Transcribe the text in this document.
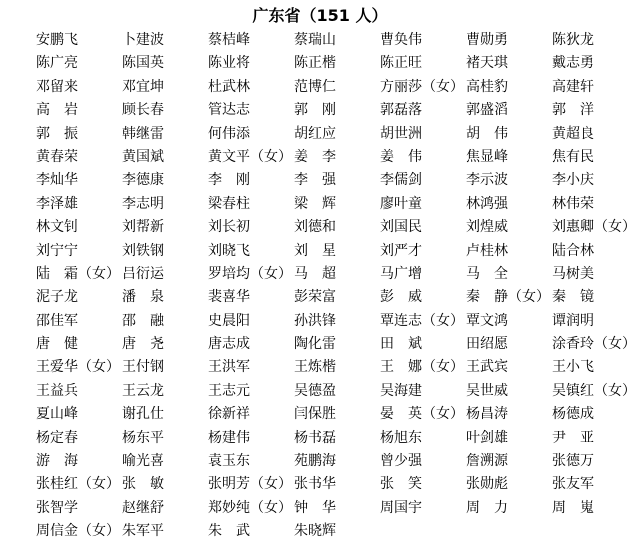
广东省（151 人）
安鹏飞	卜建波	蔡桔峰	蔡瑞山	曹奂伟	曹勋勇	陈狄龙
陈广亮	陈国英	陈业将	陈正楷	陈正旺	褚天琪	戴志勇
邓留来	邓宜坤	杜武林	范博仁	方丽莎（女） 高桂豹	高建轩
高　岩	顾长春	管达志	郭　刚	郭磊落	郭盛滔	郭　洋
郭　振	韩继雷	何伟添	胡红应	胡世洲	胡　伟	黄超良
黄春荣	黄国斌	黄文平（女） 姜　李	姜　伟	焦显峰	焦有民
李灿华	李德康	李　刚	李　强	李儒剑	李示波	李小庆
李泽雄	李志明	梁春柱	梁　辉	廖叶童	林鸿强	林伟荣
林文钊	刘帮新	刘长初	刘德和	刘国民	刘煌威	刘惠卿（女）
刘宁宁	刘铁钢	刘晓飞	刘　星	刘严才	卢桂林	陆合林
陆　霜（女） 吕衍运	罗培均（女） 马　超	马广增	马　全	马树美
泥子龙	潘　泉	裴喜华	彭荣富	彭　威	秦　静（女） 秦　镜
邵佳军	邵　融	史晨阳	孙洪锋	覃连志（女） 覃文鸿	谭润明
唐　健	唐　尧	唐志成	陶化雷	田　斌	田绍愿	涂香玲（女）
王爱华（女） 王付钢	王洪军	王炼楷	王　娜（女） 王武宾	王小飞
王益兵	王云龙	王志元	吴德盈	吴海建	吴世威	吴镇红（女）
夏山峰	谢孔仕	徐新祥	闫保胜	晏　英（女） 杨昌涛	杨德成
杨定春	杨东平	杨建伟	杨书磊	杨旭东	叶剑雄	尹　亚
游　海	喻光喜	袁玉东	苑鹏海	曾少强	詹溯源	张德万
张桂红（女） 张　敏	张明芳（女） 张书华	张　笑	张勋彪	张友军
张智学	赵继舒	郑妙纯（女） 钟　华	周国宇	周　力	周　嵬
周信金（女） 朱军平	朱　武	朱晓辉
